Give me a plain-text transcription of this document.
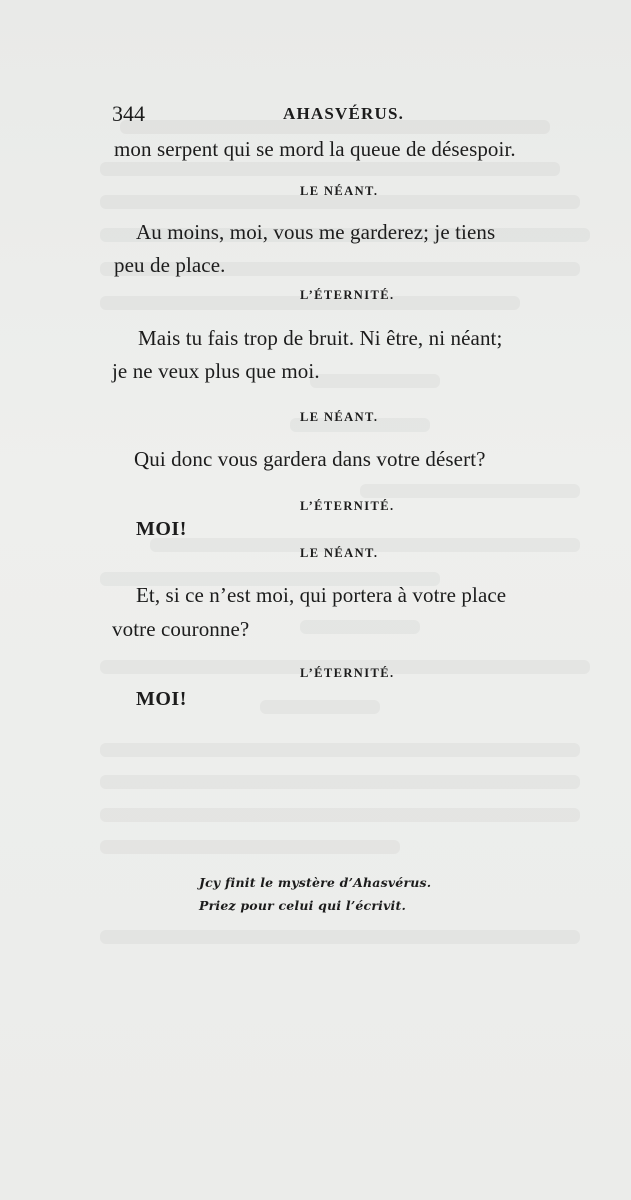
344	AHASVÉRUS.
mon serpent qui se mord la queue de désespoir.
LE NÉANT.
Au moins, moi, vous me garderez; je tiens
peu de place.
L’ÉTERNITÉ.
Mais tu fais trop de bruit. Ni être, ni néant;
je ne veux plus que moi.
LE NÉANT.
Qui donc vous gardera dans votre désert?
L’ÉTERNITÉ.
MOI!
LE NÉANT.
Et, si ce n’est moi, qui portera à votre place
votre couronne?
L’ÉTERNITÉ.
MOI!
Jcy finit le mystère d’Ahasvérus.
Priez pour celui qui l’écrivit.
